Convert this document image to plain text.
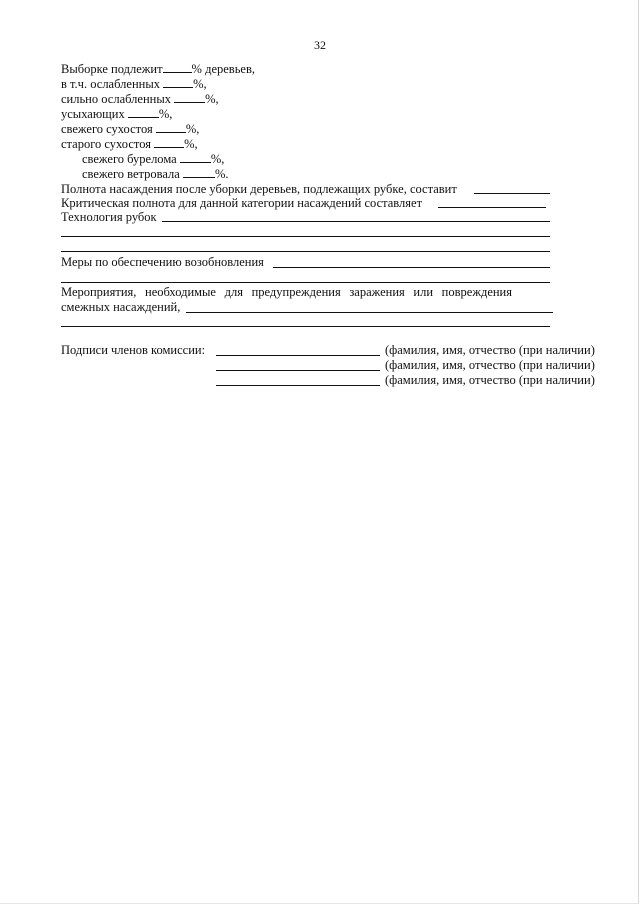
32
Выборке подлежит % деревьев,
в т.ч. ослабленных	%,
сильно ослабленных	%,
усыхающих	%,
свежего сухостоя	%,
старого сухостоя	%,
свежего бурелома	%,
свежего ветровала	%.
Полнота насаждения после уборки деревьев, подлежащих рубке, составит
Критическая полнота для данной категории насаждений составляет
Технология рубок
Меры по обеспечению возобновления
Мероприятия, необходимые для предупреждения заражения или повреждения
смежных насаждений,
Подписи членов комиссии:	(фамилия, имя, отчество (при наличии)
(фамилия, имя, отчество (при наличии)
(фамилия, имя, отчество (при наличии)
